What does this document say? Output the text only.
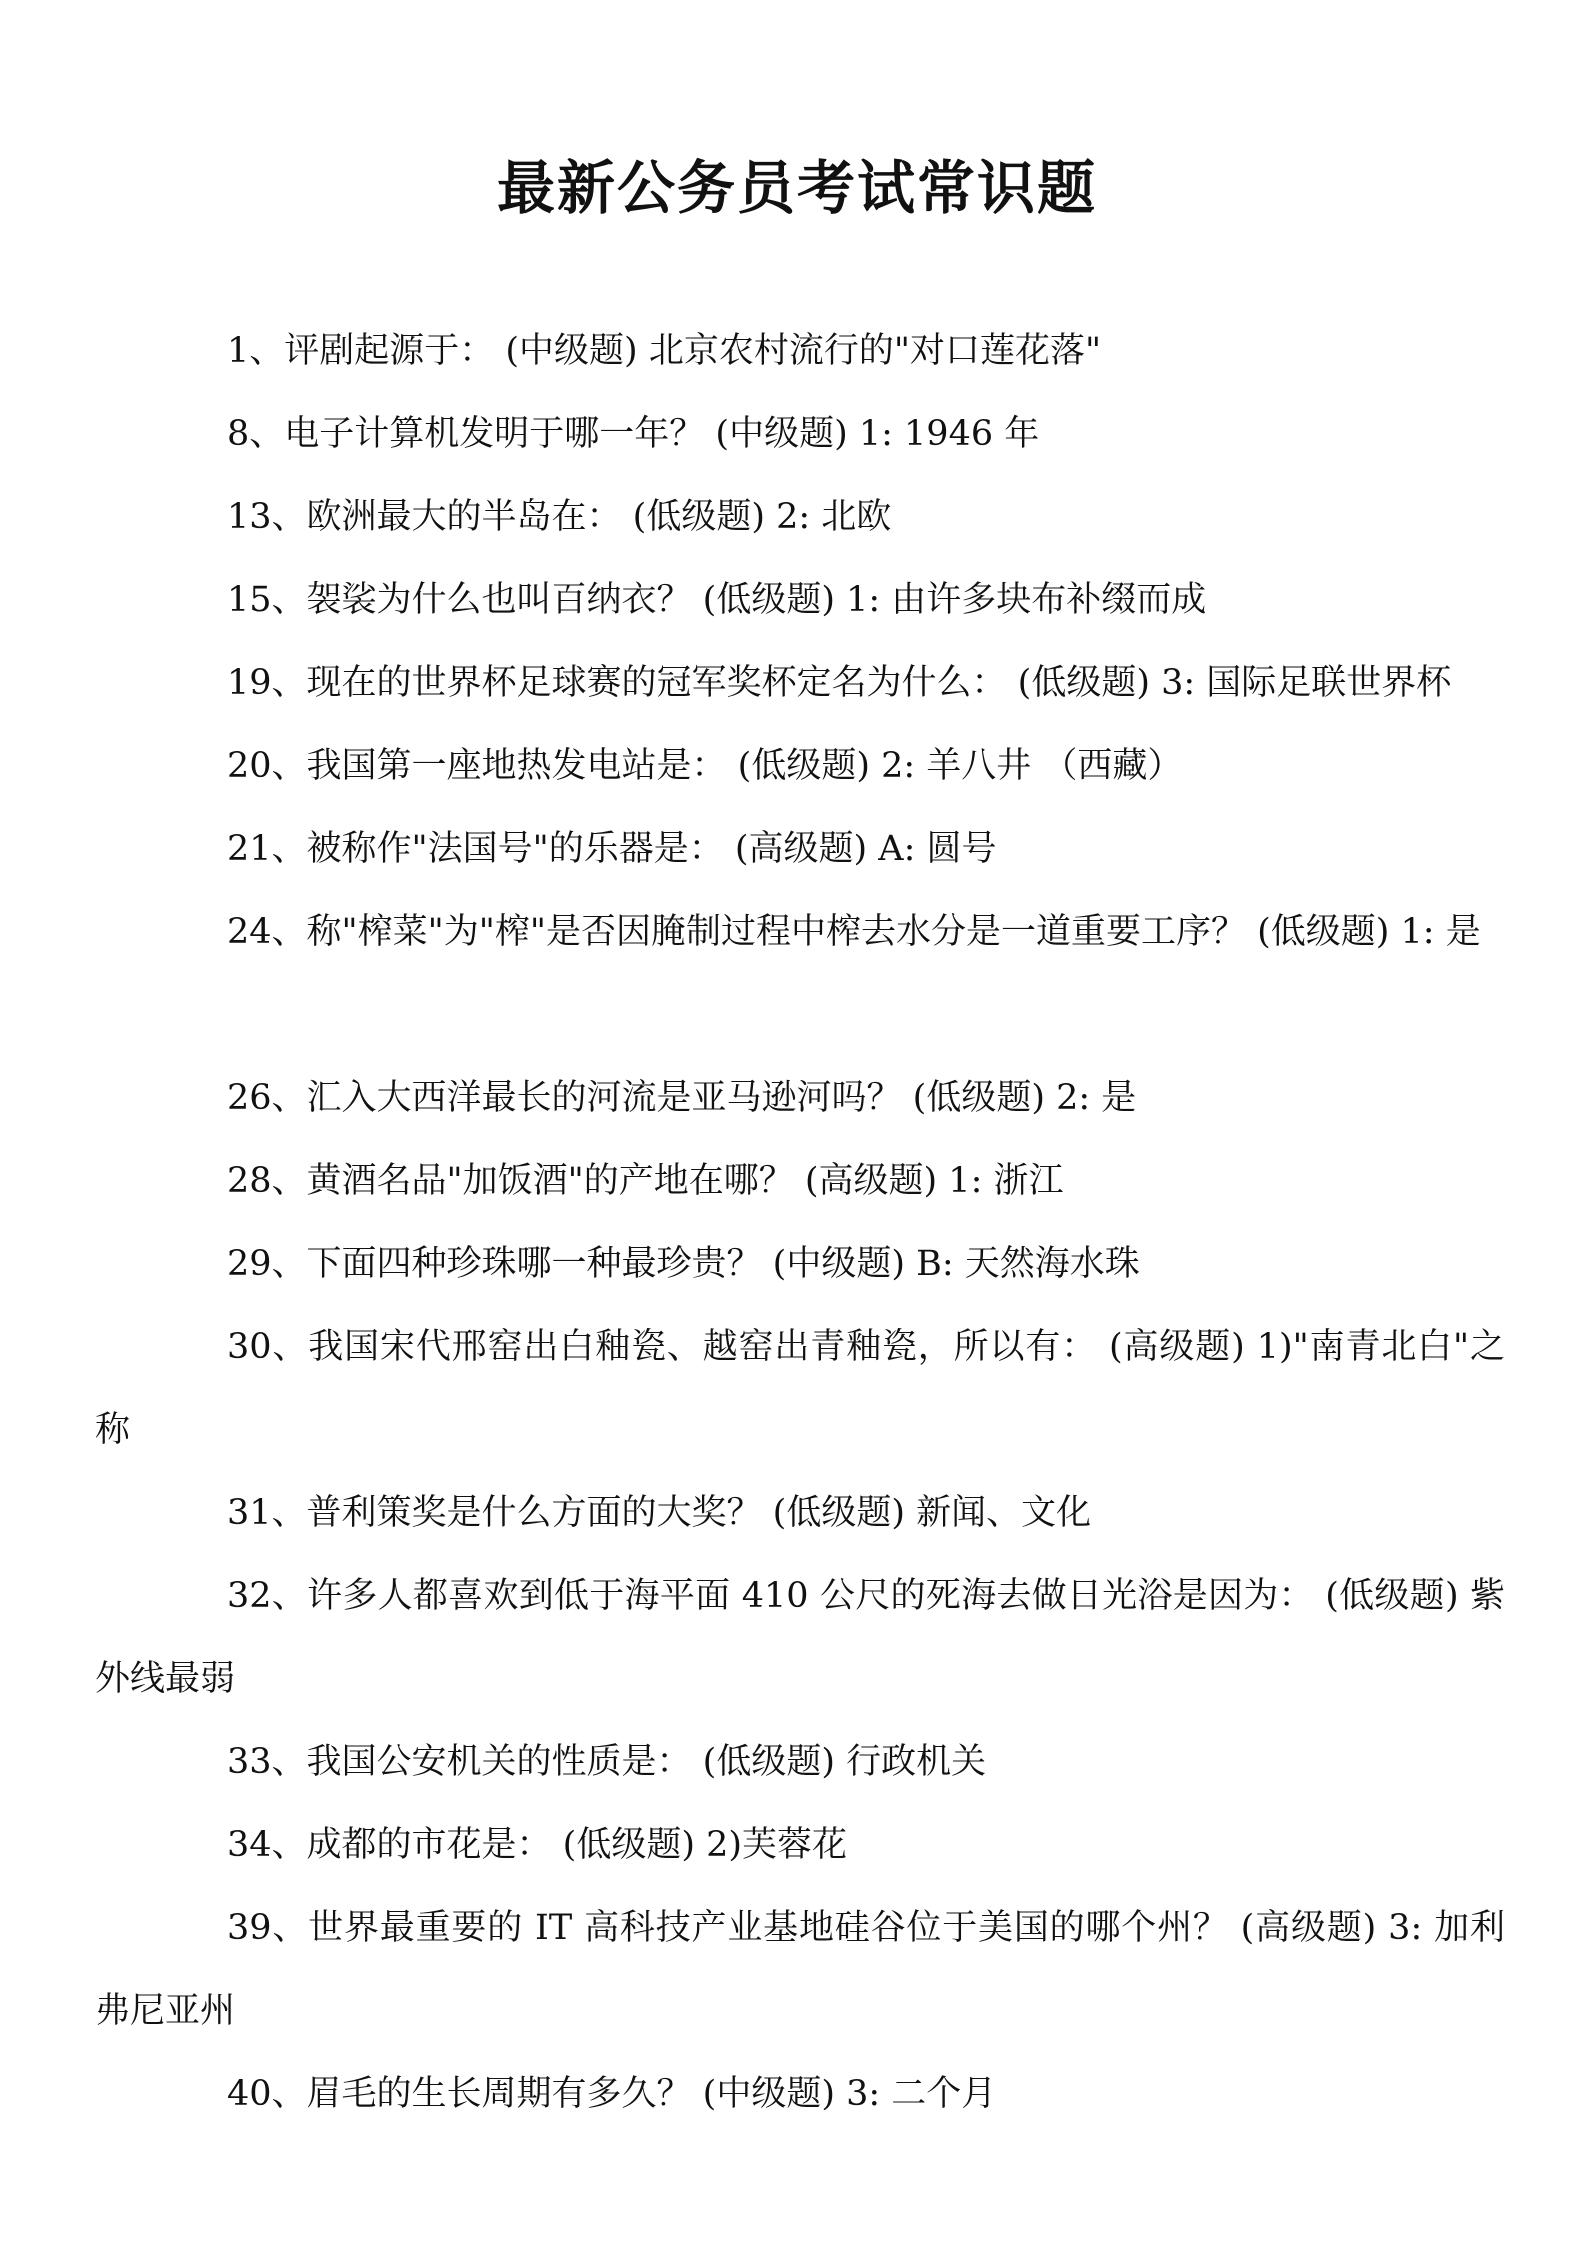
最新公务员考试常识题
1、评剧起源于： (中级题) 北京农村流行的"对口莲花落"
8、电子计算机发明于哪一年？ (中级题) 1: 1946 年
13、欧洲最大的半岛在： (低级题) 2: 北欧
15、袈裟为什么也叫百纳衣？ (低级题) 1: 由许多块布补缀而成
19、现在的世界杯足球赛的冠军奖杯定名为什么： (低级题) 3: 国际足联世界杯
20、我国第一座地热发电站是： (低级题) 2: 羊八井 （西藏）
21、被称作"法国号"的乐器是： (高级题) A: 圆号
24、称"榨菜"为"榨"是否因腌制过程中榨去水分是一道重要工序？ (低级题) 1: 是
26、汇入大西洋最长的河流是亚马逊河吗？ (低级题) 2: 是
28、黄酒名品"加饭酒"的产地在哪？ (高级题) 1: 浙江
29、下面四种珍珠哪一种最珍贵？ (中级题) B: 天然海水珠
30、我国宋代邢窑出白釉瓷、越窑出青釉瓷，所以有： (高级题) 1)"南青北白"之称
31、普利策奖是什么方面的大奖？ (低级题) 新闻、文化
32、许多人都喜欢到低于海平面 410 公尺的死海去做日光浴是因为： (低级题) 紫外线最弱
33、我国公安机关的性质是： (低级题) 行政机关
34、成都的市花是： (低级题) 2)芙蓉花
39、世界最重要的 IT 高科技产业基地硅谷位于美国的哪个州？ (高级题) 3: 加利弗尼亚州
40、眉毛的生长周期有多久？ (中级题) 3: 二个月
